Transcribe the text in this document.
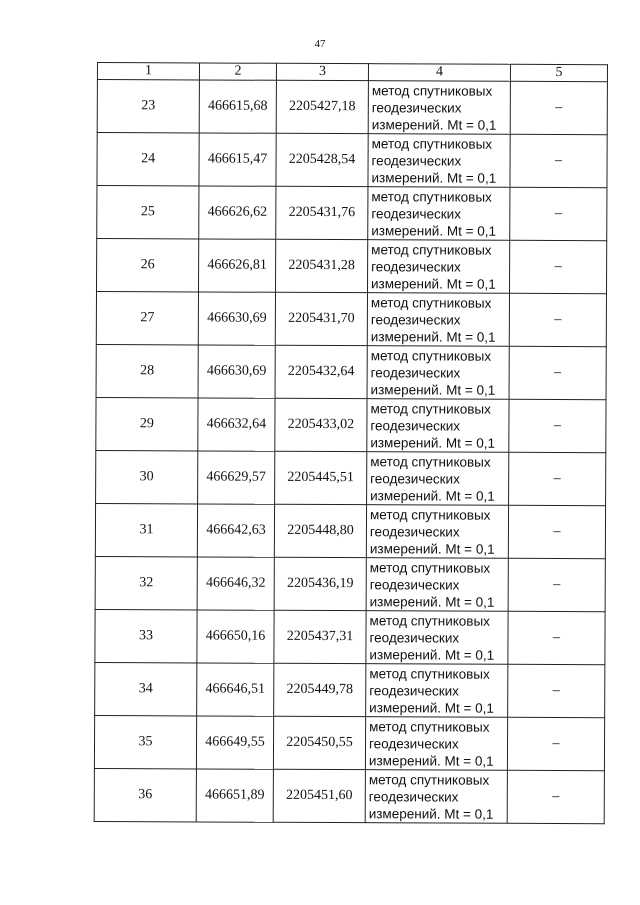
47
1	2	3	4	5
23	466615,68	2205427,18	метод спутниковых
геодезических
измерений. Mt = 0,1	–
24	466615,47	2205428,54	метод спутниковых
геодезических
измерений. Mt = 0,1	–
25	466626,62	2205431,76	метод спутниковых
геодезических
измерений. Mt = 0,1	–
26	466626,81	2205431,28	метод спутниковых
геодезических
измерений. Mt = 0,1	–
27	466630,69	2205431,70	метод спутниковых
геодезических
измерений. Mt = 0,1	–
28	466630,69	2205432,64	метод спутниковых
геодезических
измерений. Mt = 0,1	–
29	466632,64	2205433,02	метод спутниковых
геодезических
измерений. Mt = 0,1	–
30	466629,57	2205445,51	метод спутниковых
геодезических
измерений. Mt = 0,1	–
31	466642,63	2205448,80	метод спутниковых
геодезических
измерений. Mt = 0,1	–
32	466646,32	2205436,19	метод спутниковых
геодезических
измерений. Mt = 0,1	–
33	466650,16	2205437,31	метод спутниковых
геодезических
измерений. Mt = 0,1	–
34	466646,51	2205449,78	метод спутниковых
геодезических
измерений. Mt = 0,1	–
35	466649,55	2205450,55	метод спутниковых
геодезических
измерений. Mt = 0,1	–
36	466651,89	2205451,60	метод спутниковых
геодезических
измерений. Mt = 0,1	–
